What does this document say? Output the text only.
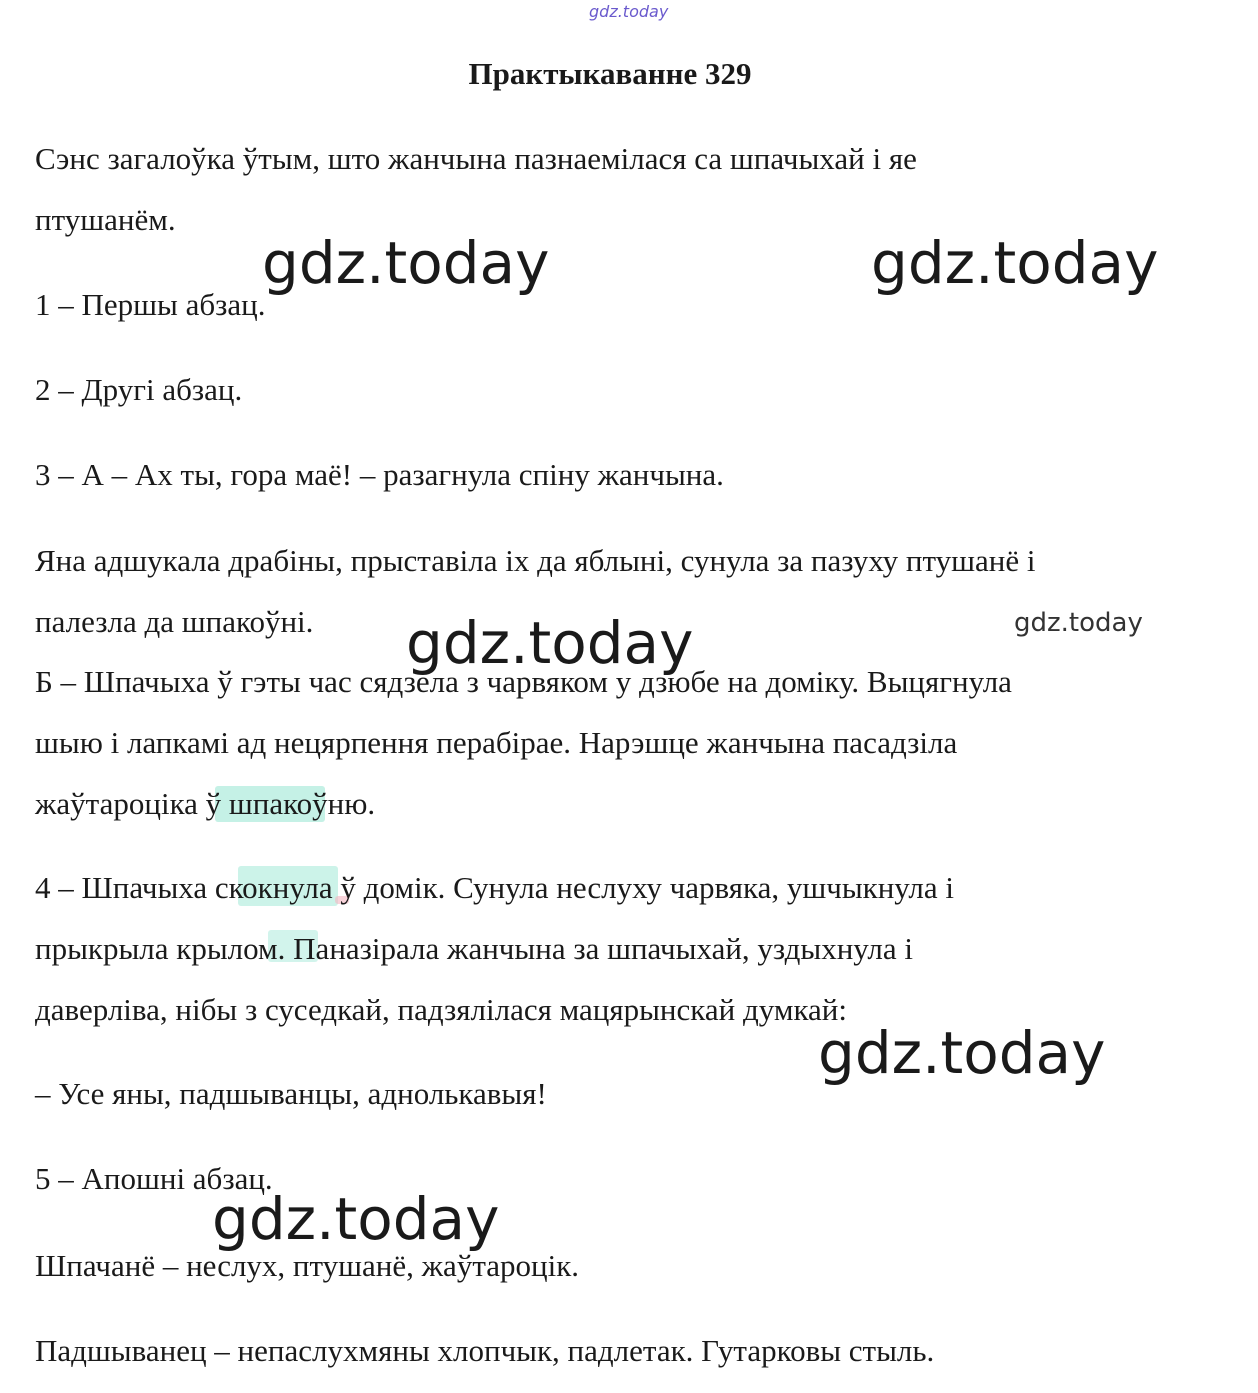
gdz.today
Практыкаванне 329

Сэнс загалоўка ўтым, што жанчына пазнаемілася са шпачыхай і яе

птушанём.

1 – Першы абзац.

2 – Другі абзац.

3 – А – Ах ты, гора маё! – разагнула спіну жанчына.

Яна адшукала драбіны, прыставіла іх да яблыні, сунула за пазуху птушанё і

палезла да шпакоўні.

Б – Шпачыха ў гэты час сядзела з чарвяком у дзюбе на доміку. Выцягнула

шыю і лапкамі ад нецярпення перабірае. Нарэшце жанчына пасадзіла

жаўтароціка ў шпакоўню.

4 – Шпачыха скокнула ў домік. Сунула неслуху чарвяка, ушчыкнула і

прыкрыла крылом. Паназірала жанчына за шпачыхай, уздыхнула і

даверліва, нібы з суседкай, падзялілася мацярынскай думкай:

– Усе яны, падшыванцы, аднолькавыя!

5 – Апошні абзац.

Шпачанё – неслух, птушанё, жаўтароцік.

Падшыванец – непаслухмяны хлопчык, падлетак. Гутарковы стыль.

gdz.today	gdz.today
gdz.today	gdz.today
gdz.today
gdz.today
